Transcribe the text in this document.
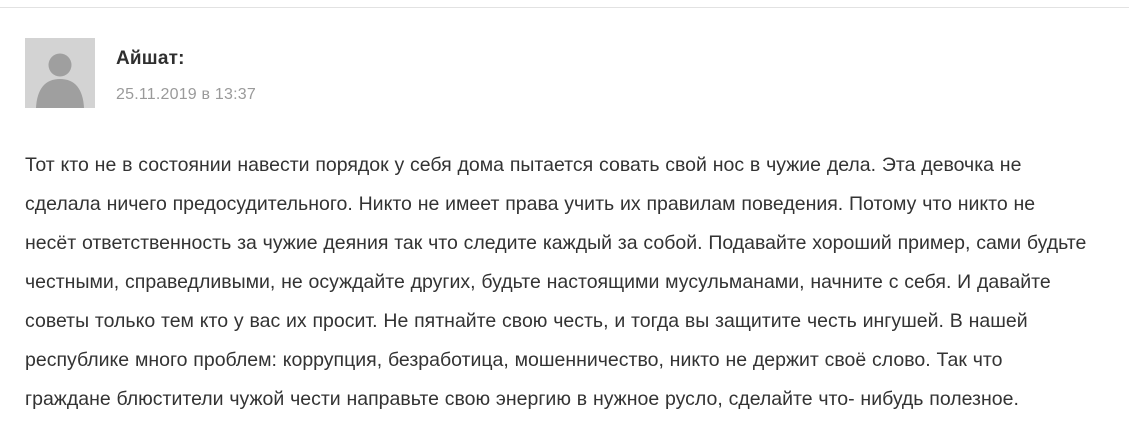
Айшат:
25.11.2019 в 13:37
Тот кто не в состоянии навести порядок у себя дома пытается совать свой нос в чужие дела. Эта девочка не сделала ничего предосудительного. Никто не имеет права учить их правилам поведения. Потому что никто не несёт ответственность за чужие деяния так что следите каждый за собой. Подавайте хороший пример, сами будьте честными, справедливыми, не осуждайте других, будьте настоящими мусульманами, начните с себя. И давайте советы только тем кто у вас их просит. Не пятнайте свою честь, и тогда вы защитите честь ингушей. В нашей республике много проблем: коррупция, безработица, мошенничество, никто не держит своё слово. Так что граждане блюстители чужой чести направьте свою энергию в нужное русло, сделайте что- нибудь полезное.
